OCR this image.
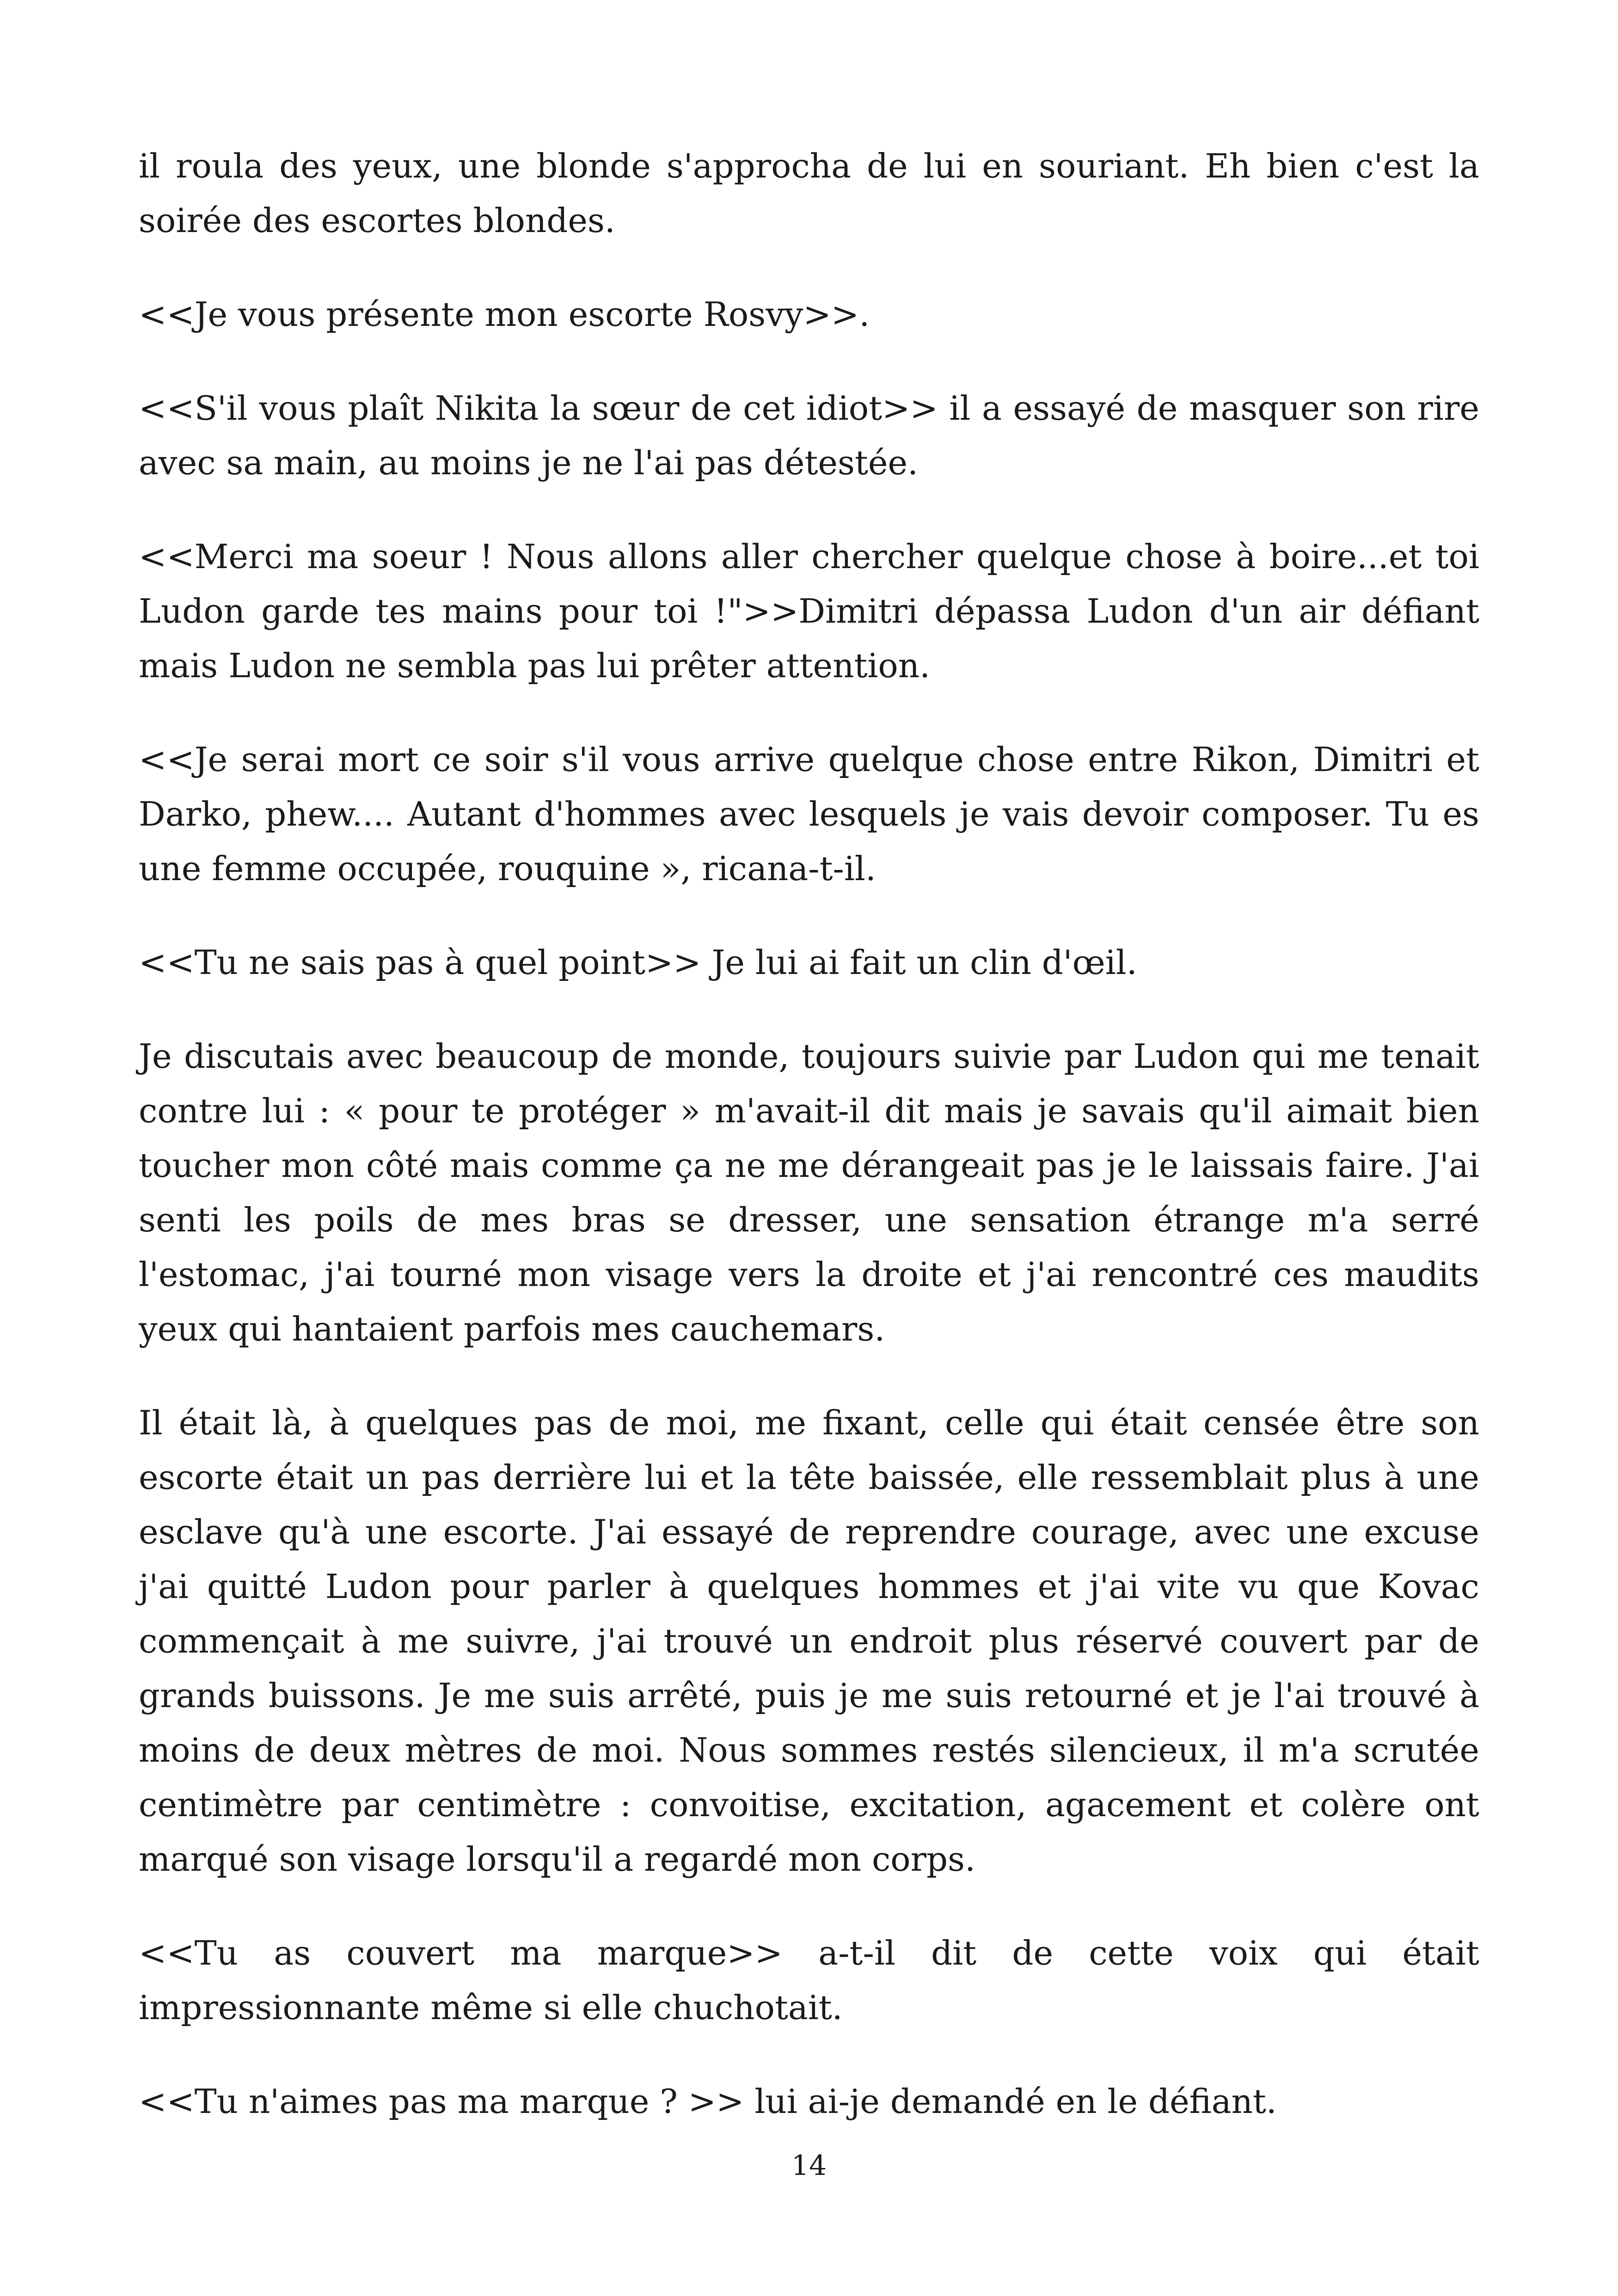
il roula des yeux, une blonde s'approcha de lui en souriant. Eh bien c'est la soirée des escortes blondes.

<<Je vous présente mon escorte Rosvy>>.

<<S'il vous plaît Nikita la sœur de cet idiot>> il a essayé de masquer son rire avec sa main, au moins je ne l'ai pas détestée.

<<Merci ma soeur ! Nous allons aller chercher quelque chose à boire...et toi Ludon garde tes mains pour toi !">>Dimitri dépassa Ludon d'un air défiant mais Ludon ne sembla pas lui prêter attention.

<<Je serai mort ce soir s'il vous arrive quelque chose entre Rikon, Dimitri et Darko, phew.... Autant d'hommes avec lesquels je vais devoir composer. Tu es une femme occupée, rouquine », ricana-t-il.

<<Tu ne sais pas à quel point>> Je lui ai fait un clin d'œil.

Je discutais avec beaucoup de monde, toujours suivie par Ludon qui me tenait contre lui : « pour te protéger » m'avait-il dit mais je savais qu'il aimait bien toucher mon côté mais comme ça ne me dérangeait pas je le laissais faire. J'ai senti les poils de mes bras se dresser, une sensation étrange m'a serré l'estomac, j'ai tourné mon visage vers la droite et j'ai rencontré ces maudits yeux qui hantaient parfois mes cauchemars.

Il était là, à quelques pas de moi, me fixant, celle qui était censée être son escorte était un pas derrière lui et la tête baissée, elle ressemblait plus à une esclave qu'à une escorte. J'ai essayé de reprendre courage, avec une excuse j'ai quitté Ludon pour parler à quelques hommes et j'ai vite vu que Kovac commençait à me suivre, j'ai trouvé un endroit plus réservé couvert par de grands buissons. Je me suis arrêté, puis je me suis retourné et je l'ai trouvé à moins de deux mètres de moi. Nous sommes restés silencieux, il m'a scrutée centimètre par centimètre : convoitise, excitation, agacement et colère ont marqué son visage lorsqu'il a regardé mon corps.

<<Tu as couvert ma marque>> a-t-il dit de cette voix qui était impressionnante même si elle chuchotait.

<<Tu n'aimes pas ma marque ? >> lui ai-je demandé en le défiant.

14
